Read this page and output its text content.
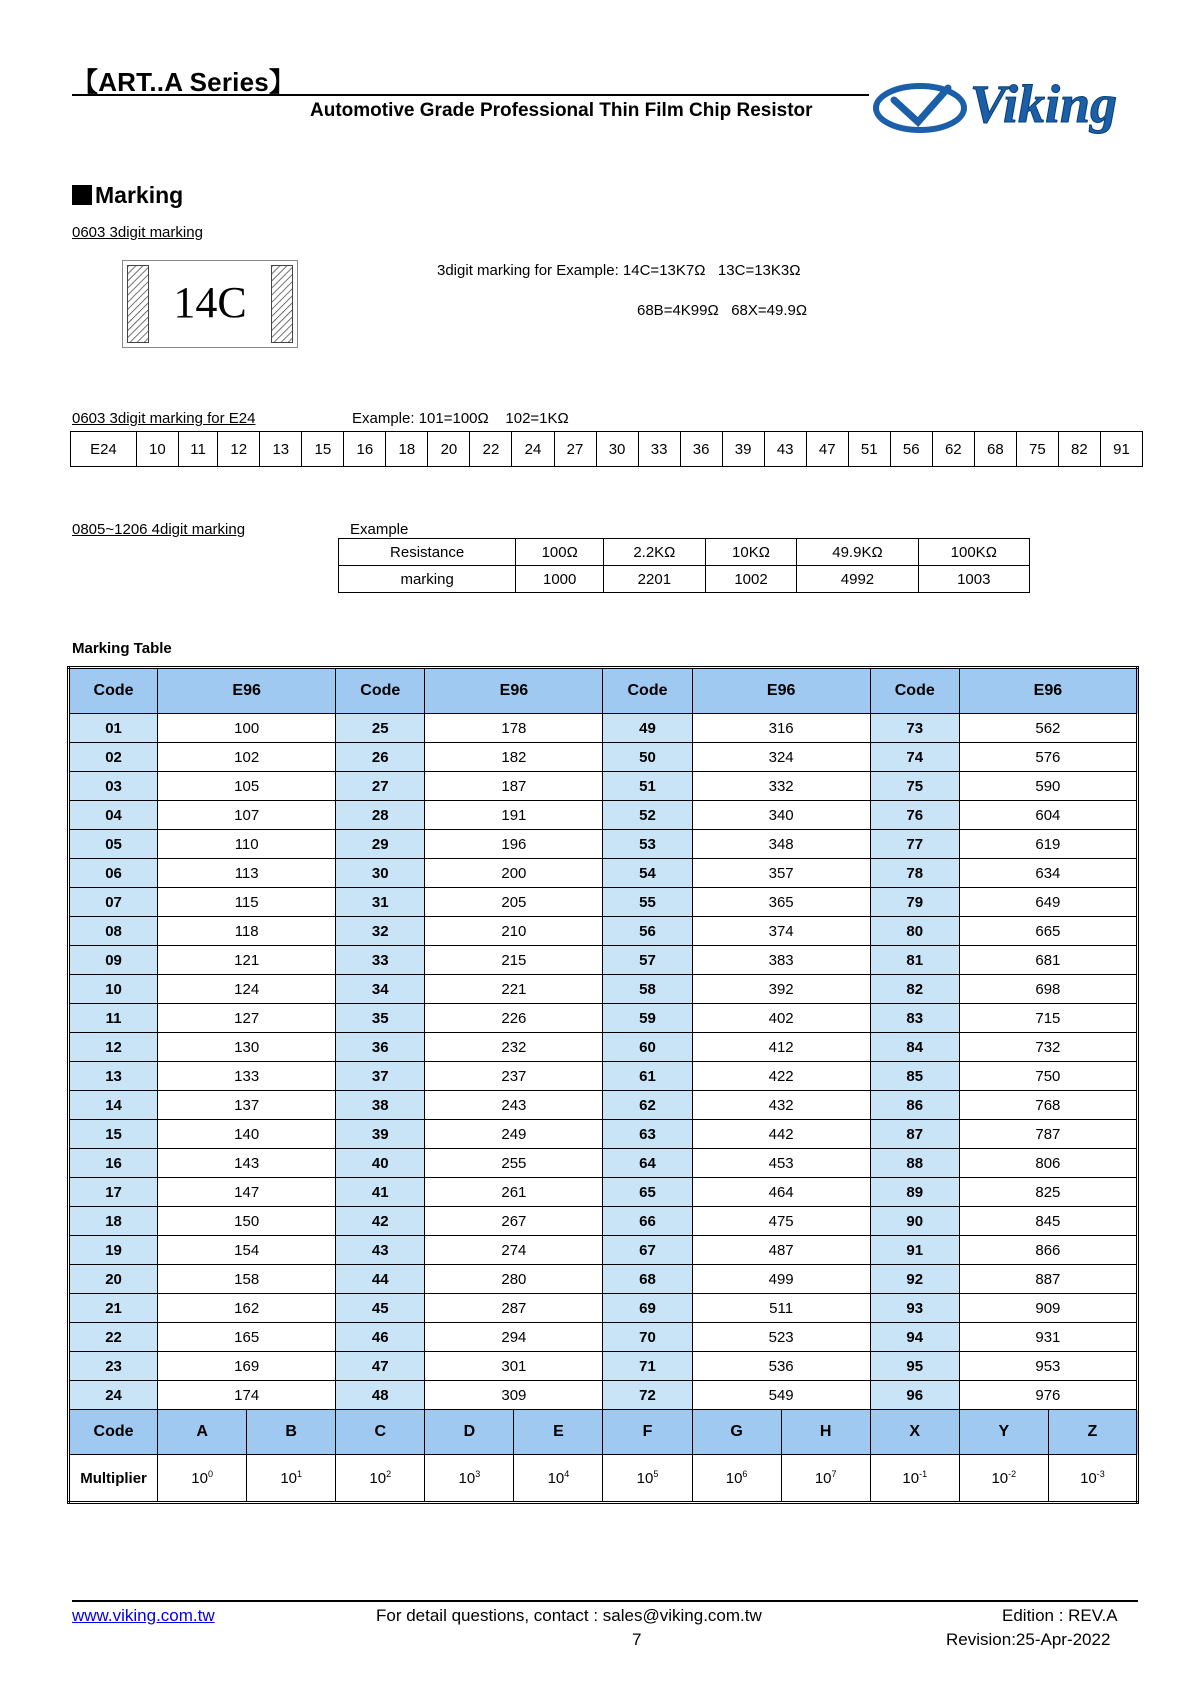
【ART..A Series】
Automotive Grade Professional Thin Film Chip Resistor	Viking
Marking
0603 3digit marking
14C
3digit marking for Example: 14C=13K7Ω   13C=13K3Ω
68B=4K99Ω   68X=49.9Ω
0603 3digit marking for E24	Example: 101=100Ω    102=1KΩ
E24	10	11	12	13	15	16	18	20	22	24	27	30	33	36	39	43	47	51	56	62	68	75	82	91
0805~1206 4digit marking	Example
Resistance	100Ω	2.2KΩ	10KΩ	49.9KΩ	100KΩ
marking	1000	2201	1002	4992	1003
Marking Table
Code	E96		Code	E96		Code	E96		Code	E96	
01	100		25	178		49	316		73	562	
02	102		26	182		50	324		74	576	
03	105		27	187		51	332		75	590	
04	107		28	191		52	340		76	604	
05	110		29	196		53	348		77	619	
06	113		30	200		54	357		78	634	
07	115		31	205		55	365		79	649	
08	118		32	210		56	374		80	665	
09	121		33	215		57	383		81	681	
10	124		34	221		58	392		82	698	
11	127		35	226		59	402		83	715	
12	130		36	232		60	412		84	732	
13	133		37	237		61	422		85	750	
14	137		38	243		62	432		86	768	
15	140		39	249		63	442		87	787	
16	143		40	255		64	453		88	806	
17	147		41	261		65	464		89	825	
18	150		42	267		66	475		90	845	
19	154		43	274		67	487		91	866	
20	158		44	280		68	499		92	887	
21	162		45	287		69	511		93	909	
22	165		46	294		70	523		94	931	
23	169		47	301		71	536		95	953	
24	174		48	309		72	549		96	976	
Code	A	B	C	D	E	F	G	H	X	Y	Z
Multiplier	$10^0$	$10^1$	$10^2$	$10^3$	$10^4$	$10^5$	$10^6$	$10^7$	$10^{-1}$	$10^{-2}$	$10^{-3}$
www.viking.com.tw	For detail questions, contact : sales@viking.com.tw
7
Edition : REV.A
Revision:25-Apr-2022
